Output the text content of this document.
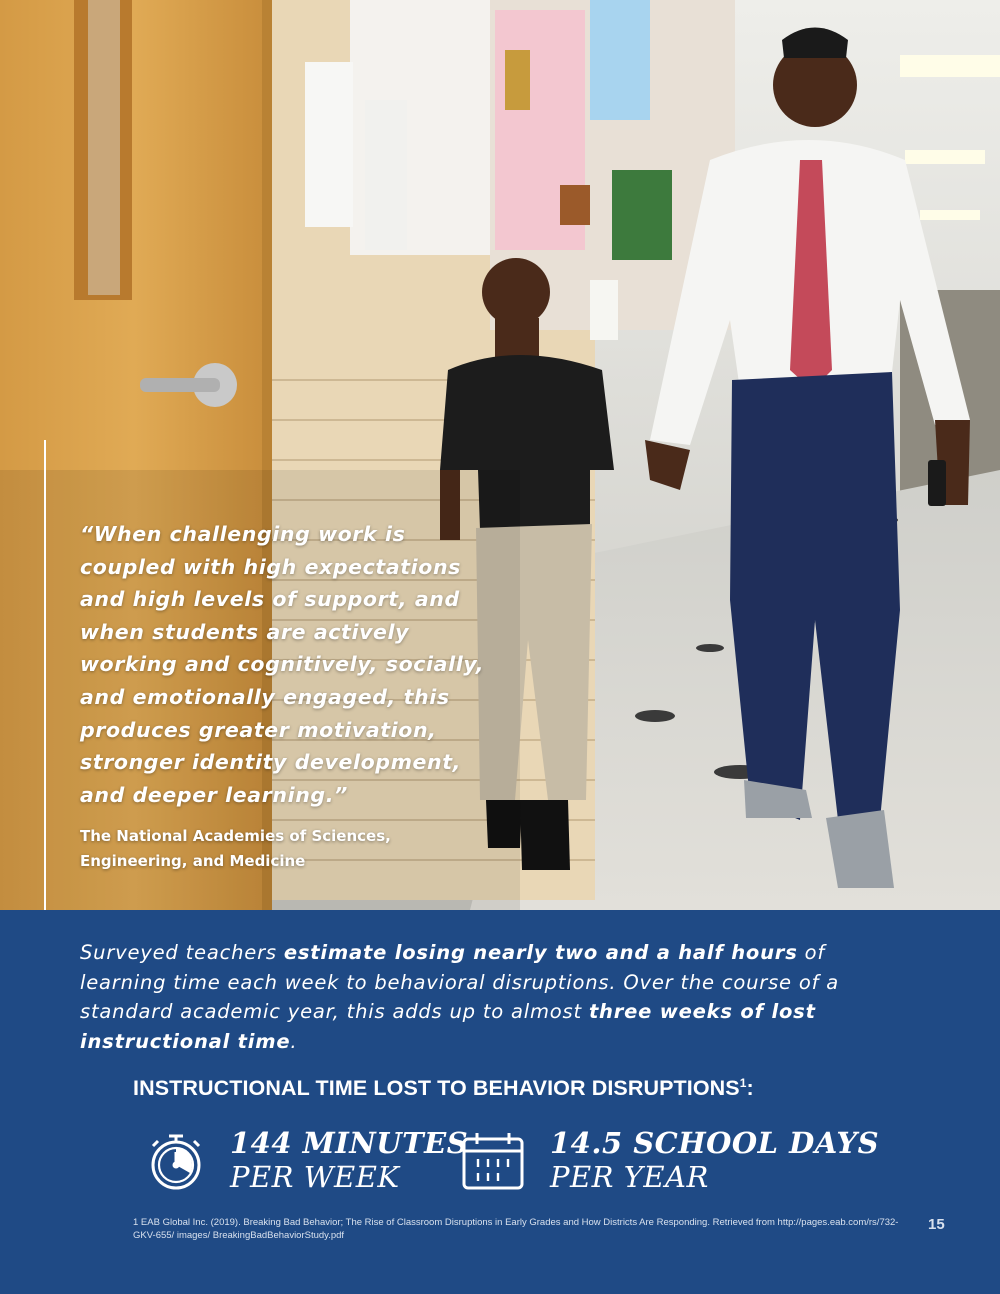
“When challenging work is
coupled with high expectations
and high levels of support, and
when students are actively
working and cognitively, socially,
and emotionally engaged, this
produces greater motivation,
stronger identity development,
and deeper learning.”

The National Academies of Sciences,
Engineering, and Medicine

Surveyed teachers estimate losing nearly two and a half hours of learning time each week to behavioral disruptions. Over the course of a standard academic year, this adds up to almost three weeks of lost instructional time.

INSTRUCTIONAL TIME LOST TO BEHAVIOR DISRUPTIONS$^1$:
144 MINUTES
PER WEEK
14.5 SCHOOL DAYS
PER YEAR

1 EAB Global Inc. (2019). Breaking Bad Behavior; The Rise of Classroom Disruptions in Early Grades and How Districts Are Responding. Retrieved from http://pages.eab.com/rs/732-GKV-655/ images/ BreakingBadBehaviorStudy.pdf

15
